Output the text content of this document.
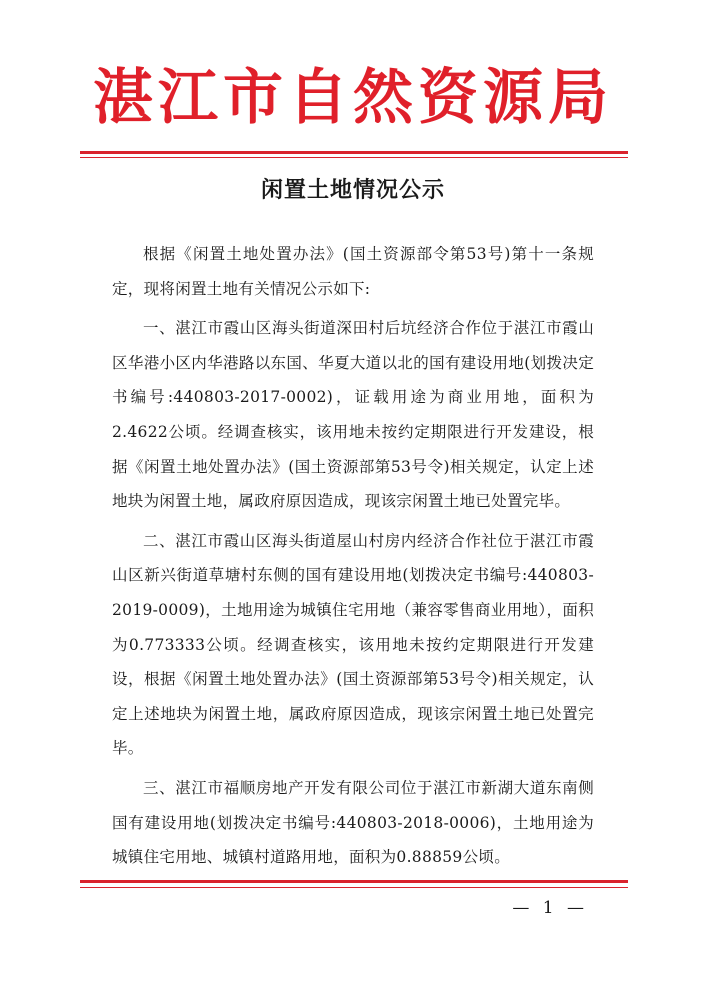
湛江市自然资源局
闲置土地情况公示

根据《闲置土地处置办法》(国土资源部令第53号)第十一条规定，现将闲置土地有关情况公示如下:

一、湛江市霞山区海头街道深田村后坑经济合作位于湛江市霞山区华港小区内华港路以东国、华夏大道以北的国有建设用地(划拨决定书编号:440803-2017-0002)，证载用途为商业用地，面积为2.4622公顷。经调查核实，该用地未按约定期限进行开发建设，根据《闲置土地处置办法》(国土资源部第53号令)相关规定，认定上述地块为闲置土地，属政府原因造成，现该宗闲置土地已处置完毕。

二、湛江市霞山区海头街道屋山村房内经济合作社位于湛江市霞山区新兴街道草塘村东侧的国有建设用地(划拨决定书编号:440803-2019-0009)，土地用途为城镇住宅用地（兼容零售商业用地），面积为0.773333公顷。经调查核实，该用地未按约定期限进行开发建设，根据《闲置土地处置办法》(国土资源部第53号令)相关规定，认定上述地块为闲置土地，属政府原因造成，现该宗闲置土地已处置完毕。

三、湛江市福顺房地产开发有限公司位于湛江市新湖大道东南侧国有建设用地(划拨决定书编号:440803-2018-0006)，土地用途为城镇住宅用地、城镇村道路用地，面积为0.88859公顷。

— 1 —
